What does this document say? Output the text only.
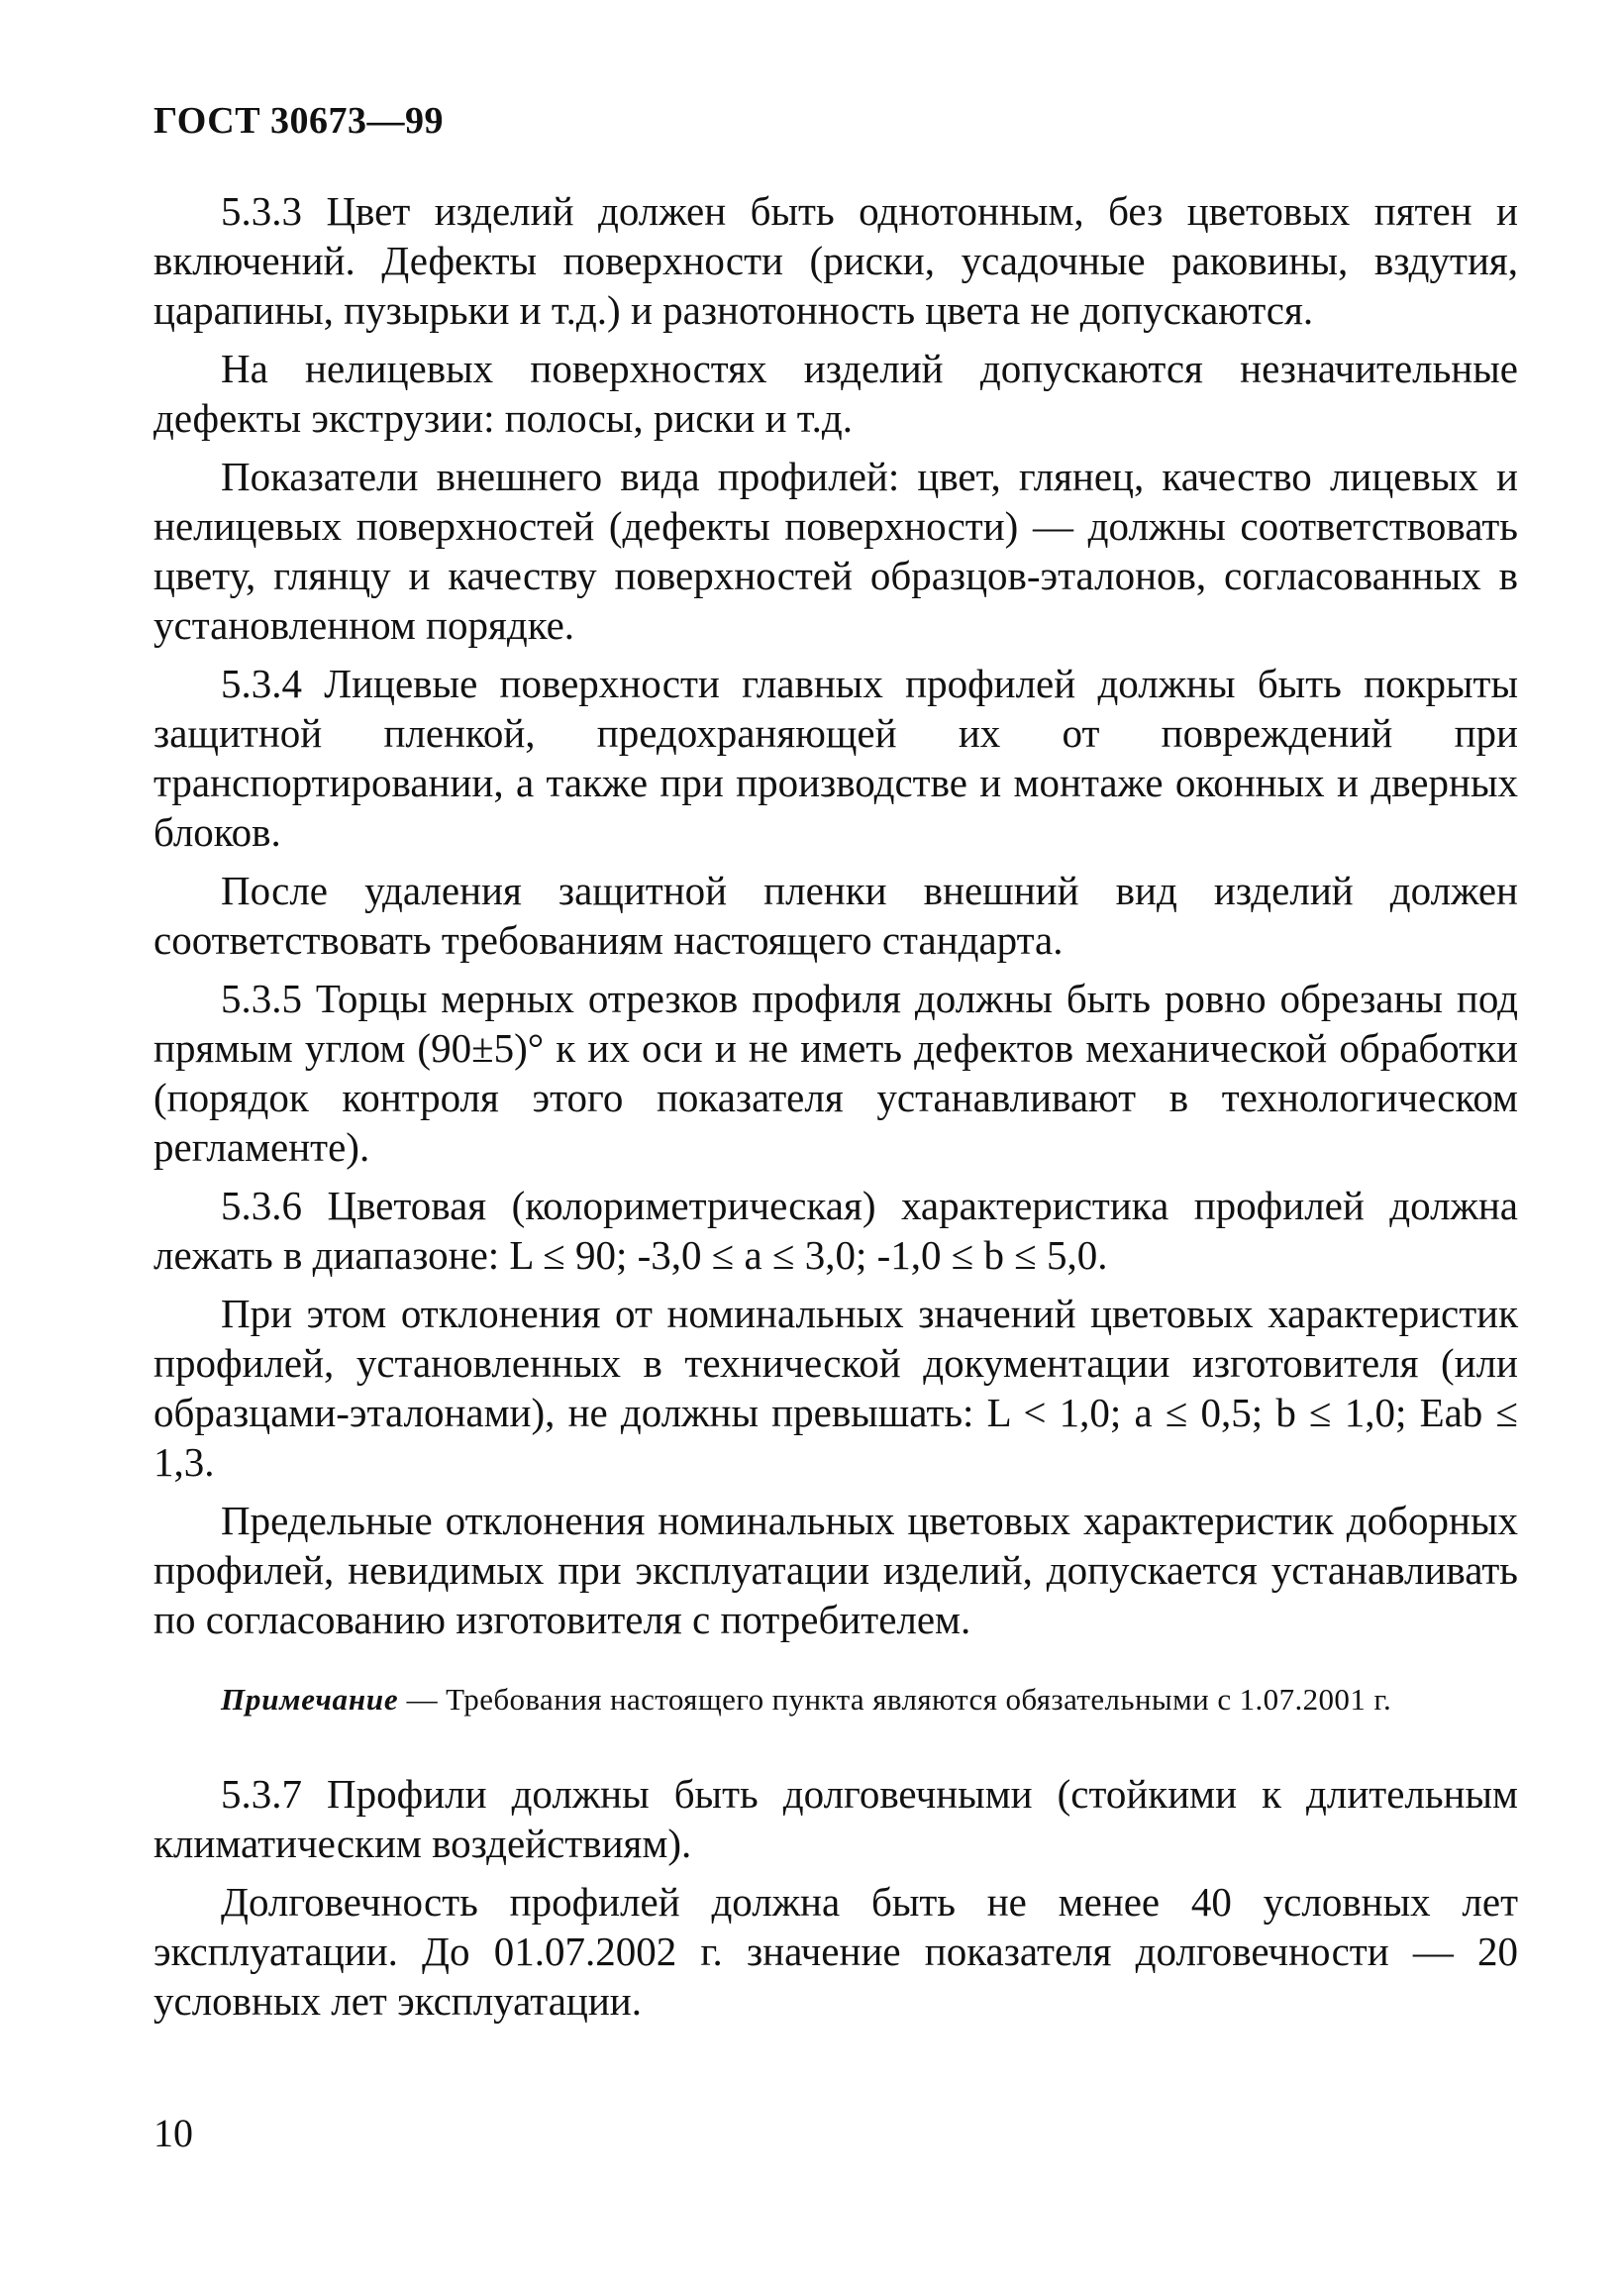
ГОСТ 30673—99

5.3.3 Цвет изделий должен быть однотонным, без цветовых пятен и включений. Дефекты поверхности (риски, усадочные раковины, вздутия, царапины, пузырьки и т.д.) и разнотонность цвета не допускаются.

На нелицевых поверхностях изделий допускаются незначительные дефекты экструзии: полосы, риски и т.д.

Показатели внешнего вида профилей: цвет, глянец, качество лицевых и нелицевых поверхностей (дефекты поверхности) — должны соответствовать цвету, глянцу и качеству поверхностей образцов-эталонов, согласованных в установленном порядке.

5.3.4 Лицевые поверхности главных профилей должны быть покрыты защитной пленкой, предохраняющей их от повреждений при транспортировании, а также при производстве и монтаже оконных и дверных блоков.

После удаления защитной пленки внешний вид изделий должен соответствовать требованиям настоящего стандарта.

5.3.5 Торцы мерных отрезков профиля должны быть ровно обрезаны под прямым углом (90±5)° к их оси и не иметь дефектов механической обработки (порядок контроля этого показателя устанавливают в технологическом регламенте).

5.3.6 Цветовая (колориметрическая) характеристика профилей должна лежать в диапазоне: L ≤ 90; -3,0 ≤ a ≤ 3,0; -1,0 ≤ b ≤ 5,0.

При этом отклонения от номинальных значений цветовых характеристик профилей, установленных в технической документации изготовителя (или образцами-эталонами), не должны превышать: L < 1,0; a ≤ 0,5; b ≤ 1,0; Eab ≤ 1,3.

Предельные отклонения номинальных цветовых характеристик доборных профилей, невидимых при эксплуатации изделий, допускается устанавливать по согласованию изготовителя с потребителем.

Примечание — Требования настоящего пункта являются обязательными с 1.07.2001 г.

5.3.7 Профили должны быть долговечными (стойкими к длительным климатическим воздействиям).

Долговечность профилей должна быть не менее 40 условных лет эксплуатации. До 01.07.2002 г. значение показателя долговечности — 20 условных лет эксплуатации.

10
